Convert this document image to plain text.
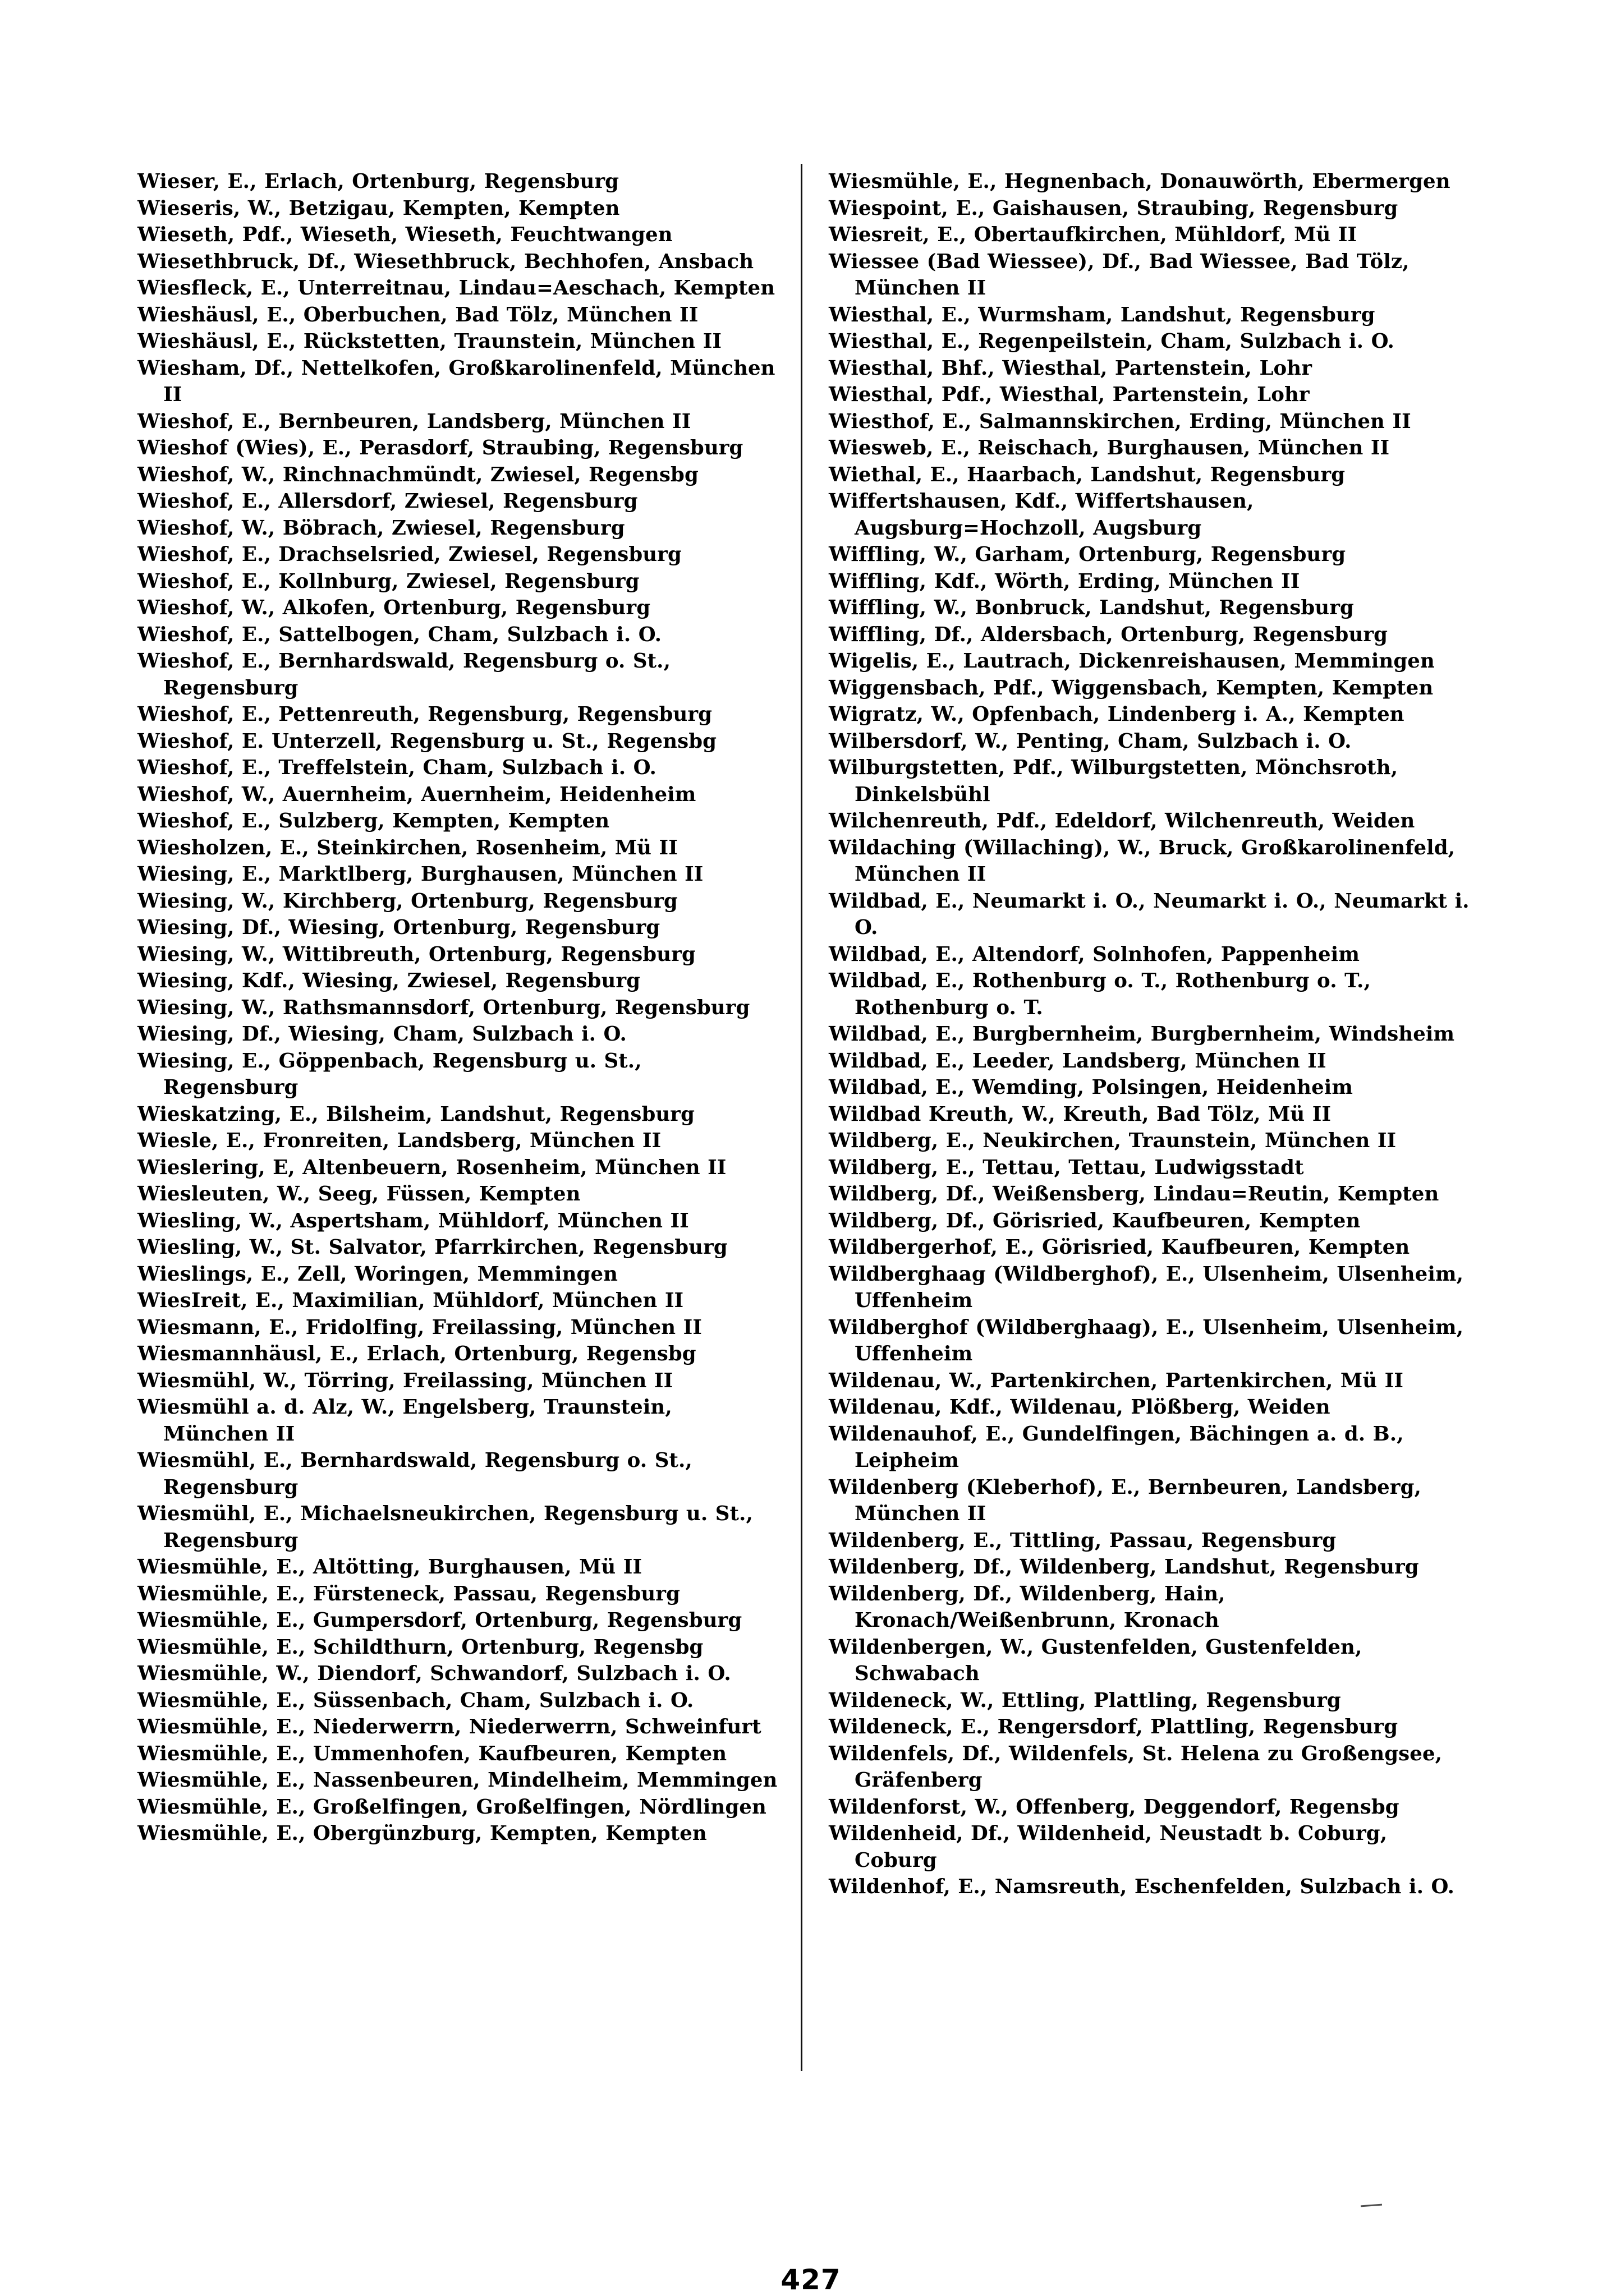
Wieser, E., Erlach, Ortenburg, Regensburg
Wieseris, W., Betzigau, Kempten, Kempten
Wieseth, Pdf., Wieseth, Wieseth, Feuchtwangen
Wiesethbruck, Df., Wiesethbruck, Bechhofen, Ansbach
Wiesfleck, E., Unterreitnau, Lindau=Aeschach, Kempten
Wieshäusl, E., Oberbuchen, Bad Tölz, München II
Wieshäusl, E., Rückstetten, Traunstein, München II
Wiesham, Df., Nettelkofen, Großkarolinenfeld, München II
Wieshof, E., Bernbeuren, Landsberg, München II
Wieshof (Wies), E., Perasdorf, Straubing, Regensburg
Wieshof, W., Rinchnachmündt, Zwiesel, Regensbg
Wieshof, E., Allersdorf, Zwiesel, Regensburg
Wieshof, W., Böbrach, Zwiesel, Regensburg
Wieshof, E., Drachselsried, Zwiesel, Regensburg
Wieshof, E., Kollnburg, Zwiesel, Regensburg
Wieshof, W., Alkofen, Ortenburg, Regensburg
Wieshof, E., Sattelbogen, Cham, Sulzbach i. O.
Wieshof, E., Bernhardswald, Regensburg o. St., Regensburg
Wieshof, E., Pettenreuth, Regensburg, Regensburg
Wieshof, E. Unterzell, Regensburg u. St., Regensbg
Wieshof, E., Treffelstein, Cham, Sulzbach i. O.
Wieshof, W., Auernheim, Auernheim, Heidenheim
Wieshof, E., Sulzberg, Kempten, Kempten
Wiesholzen, E., Steinkirchen, Rosenheim, Mü II
Wiesing, E., Marktlberg, Burghausen, München II
Wiesing, W., Kirchberg, Ortenburg, Regensburg
Wiesing, Df., Wiesing, Ortenburg, Regensburg
Wiesing, W., Wittibreuth, Ortenburg, Regensburg
Wiesing, Kdf., Wiesing, Zwiesel, Regensburg
Wiesing, W., Rathsmannsdorf, Ortenburg, Regensburg
Wiesing, Df., Wiesing, Cham, Sulzbach i. O.
Wiesing, E., Göppenbach, Regensburg u. St., Regensburg
Wieskatzing, E., Bilsheim, Landshut, Regensburg
Wiesle, E., Fronreiten, Landsberg, München II
Wieslering, E, Altenbeuern, Rosenheim, München II
Wiesleuten, W., Seeg, Füssen, Kempten
Wiesling, W., Aspertsham, Mühldorf, München II
Wiesling, W., St. Salvator, Pfarrkirchen, Regensburg
Wieslings, E., Zell, Woringen, Memmingen
WiesIreit, E., Maximilian, Mühldorf, München II
Wiesmann, E., Fridolfing, Freilassing, München II
Wiesmannhäusl, E., Erlach, Ortenburg, Regensbg
Wiesmühl, W., Törring, Freilassing, München II
Wiesmühl a. d. Alz, W., Engelsberg, Traunstein, München II
Wiesmühl, E., Bernhardswald, Regensburg o. St., Regensburg
Wiesmühl, E., Michaelsneukirchen, Regensburg u. St., Regensburg
Wiesmühle, E., Altötting, Burghausen, Mü II
Wiesmühle, E., Fürsteneck, Passau, Regensburg
Wiesmühle, E., Gumpersdorf, Ortenburg, Regensburg
Wiesmühle, E., Schildthurn, Ortenburg, Regensbg
Wiesmühle, W., Diendorf, Schwandorf, Sulzbach i. O.
Wiesmühle, E., Süssenbach, Cham, Sulzbach i. O.
Wiesmühle, E., Niederwerrn, Niederwerrn, Schweinfurt
Wiesmühle, E., Ummenhofen, Kaufbeuren, Kempten
Wiesmühle, E., Nassenbeuren, Mindelheim, Memmingen
Wiesmühle, E., Großelfingen, Großelfingen, Nördlingen
Wiesmühle, E., Obergünzburg, Kempten, Kempten
Wiesmühle, E., Hegnenbach, Donauwörth, Ebermergen
Wiespoint, E., Gaishausen, Straubing, Regensburg
Wiesreit, E., Obertaufkirchen, Mühldorf, Mü II
Wiessee (Bad Wiessee), Df., Bad Wiessee, Bad Tölz, München II
Wiesthal, E., Wurmsham, Landshut, Regensburg
Wiesthal, E., Regenpeilstein, Cham, Sulzbach i. O.
Wiesthal, Bhf., Wiesthal, Partenstein, Lohr
Wiesthal, Pdf., Wiesthal, Partenstein, Lohr
Wiesthof, E., Salmannskirchen, Erding, München II
Wiesweb, E., Reischach, Burghausen, München II
Wiethal, E., Haarbach, Landshut, Regensburg
Wiffertshausen, Kdf., Wiffertshausen, Augsburg=Hochzoll, Augsburg
Wiffling, W., Garham, Ortenburg, Regensburg
Wiffling, Kdf., Wörth, Erding, München II
Wiffling, W., Bonbruck, Landshut, Regensburg
Wiffling, Df., Aldersbach, Ortenburg, Regensburg
Wigelis, E., Lautrach, Dickenreishausen, Memmingen
Wiggensbach, Pdf., Wiggensbach, Kempten, Kempten
Wigratz, W., Opfenbach, Lindenberg i. A., Kempten
Wilbersdorf, W., Penting, Cham, Sulzbach i. O.
Wilburgstetten, Pdf., Wilburgstetten, Mönchsroth, Dinkelsbühl
Wilchenreuth, Pdf., Edeldorf, Wilchenreuth, Weiden
Wildaching (Willaching), W., Bruck, Großkarolinenfeld, München II
Wildbad, E., Neumarkt i. O., Neumarkt i. O., Neumarkt i. O.
Wildbad, E., Altendorf, Solnhofen, Pappenheim
Wildbad, E., Rothenburg o. T., Rothenburg o. T., Rothenburg o. T.
Wildbad, E., Burgbernheim, Burgbernheim, Windsheim
Wildbad, E., Leeder, Landsberg, München II
Wildbad, E., Wemding, Polsingen, Heidenheim
Wildbad Kreuth, W., Kreuth, Bad Tölz, Mü II
Wildberg, E., Neukirchen, Traunstein, München II
Wildberg, E., Tettau, Tettau, Ludwigsstadt
Wildberg, Df., Weißensberg, Lindau=Reutin, Kempten
Wildberg, Df., Görisried, Kaufbeuren, Kempten
Wildbergerhof, E., Görisried, Kaufbeuren, Kempten
Wildberghaag (Wildberghof), E., Ulsenheim, Ulsenheim, Uffenheim
Wildberghof (Wildberghaag), E., Ulsenheim, Ulsenheim, Uffenheim
Wildenau, W., Partenkirchen, Partenkirchen, Mü II
Wildenau, Kdf., Wildenau, Plößberg, Weiden
Wildenauhof, E., Gundelfingen, Bächingen a. d. B., Leipheim
Wildenberg (Kleberhof), E., Bernbeuren, Landsberg, München II
Wildenberg, E., Tittling, Passau, Regensburg
Wildenberg, Df., Wildenberg, Landshut, Regensburg
Wildenberg, Df., Wildenberg, Hain, Kronach/Weißenbrunn, Kronach
Wildenbergen, W., Gustenfelden, Gustenfelden, Schwabach
Wildeneck, W., Ettling, Plattling, Regensburg
Wildeneck, E., Rengersdorf, Plattling, Regensburg
Wildenfels, Df., Wildenfels, St. Helena zu Großengsee, Gräfenberg
Wildenforst, W., Offenberg, Deggendorf, Regensbg
Wildenheid, Df., Wildenheid, Neustadt b. Coburg, Coburg
Wildenhof, E., Namsreuth, Eschenfelden, Sulzbach i. O.
427
